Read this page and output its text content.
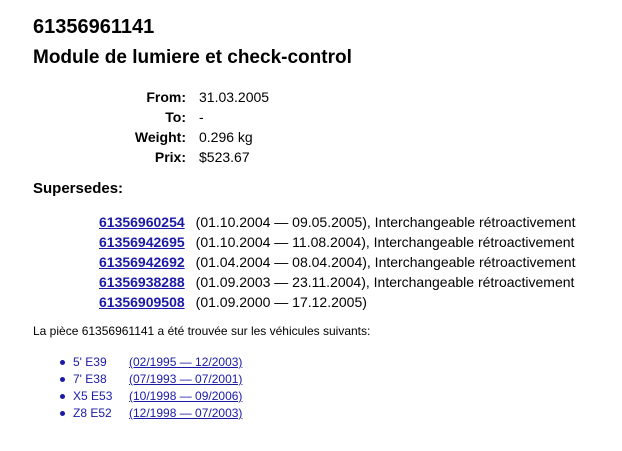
61356961141
Module de lumiere et check-control
From:	31.03.2005
To:	-
Weight:	0.296 kg
Prix:	$523.67
Supersedes:
	61356960254	(01.10.2004 — 09.05.2005), Interchangeable rétroactivement
	61356942695	(01.10.2004 — 11.08.2004), Interchangeable rétroactivement
	61356942692	(01.04.2004 — 08.04.2004), Interchangeable rétroactivement
	61356938288	(01.09.2003 — 23.11.2004), Interchangeable rétroactivement
	61356909508	(01.09.2000 — 17.12.2005)
La pièce 61356961141 a été trouvée sur les véhicules suivants:
5' E39 (02/1995 — 12/2003)
7' E38 (07/1993 — 07/2001)
X5 E53 (10/1998 — 09/2006)
Z8 E52 (12/1998 — 07/2003)
